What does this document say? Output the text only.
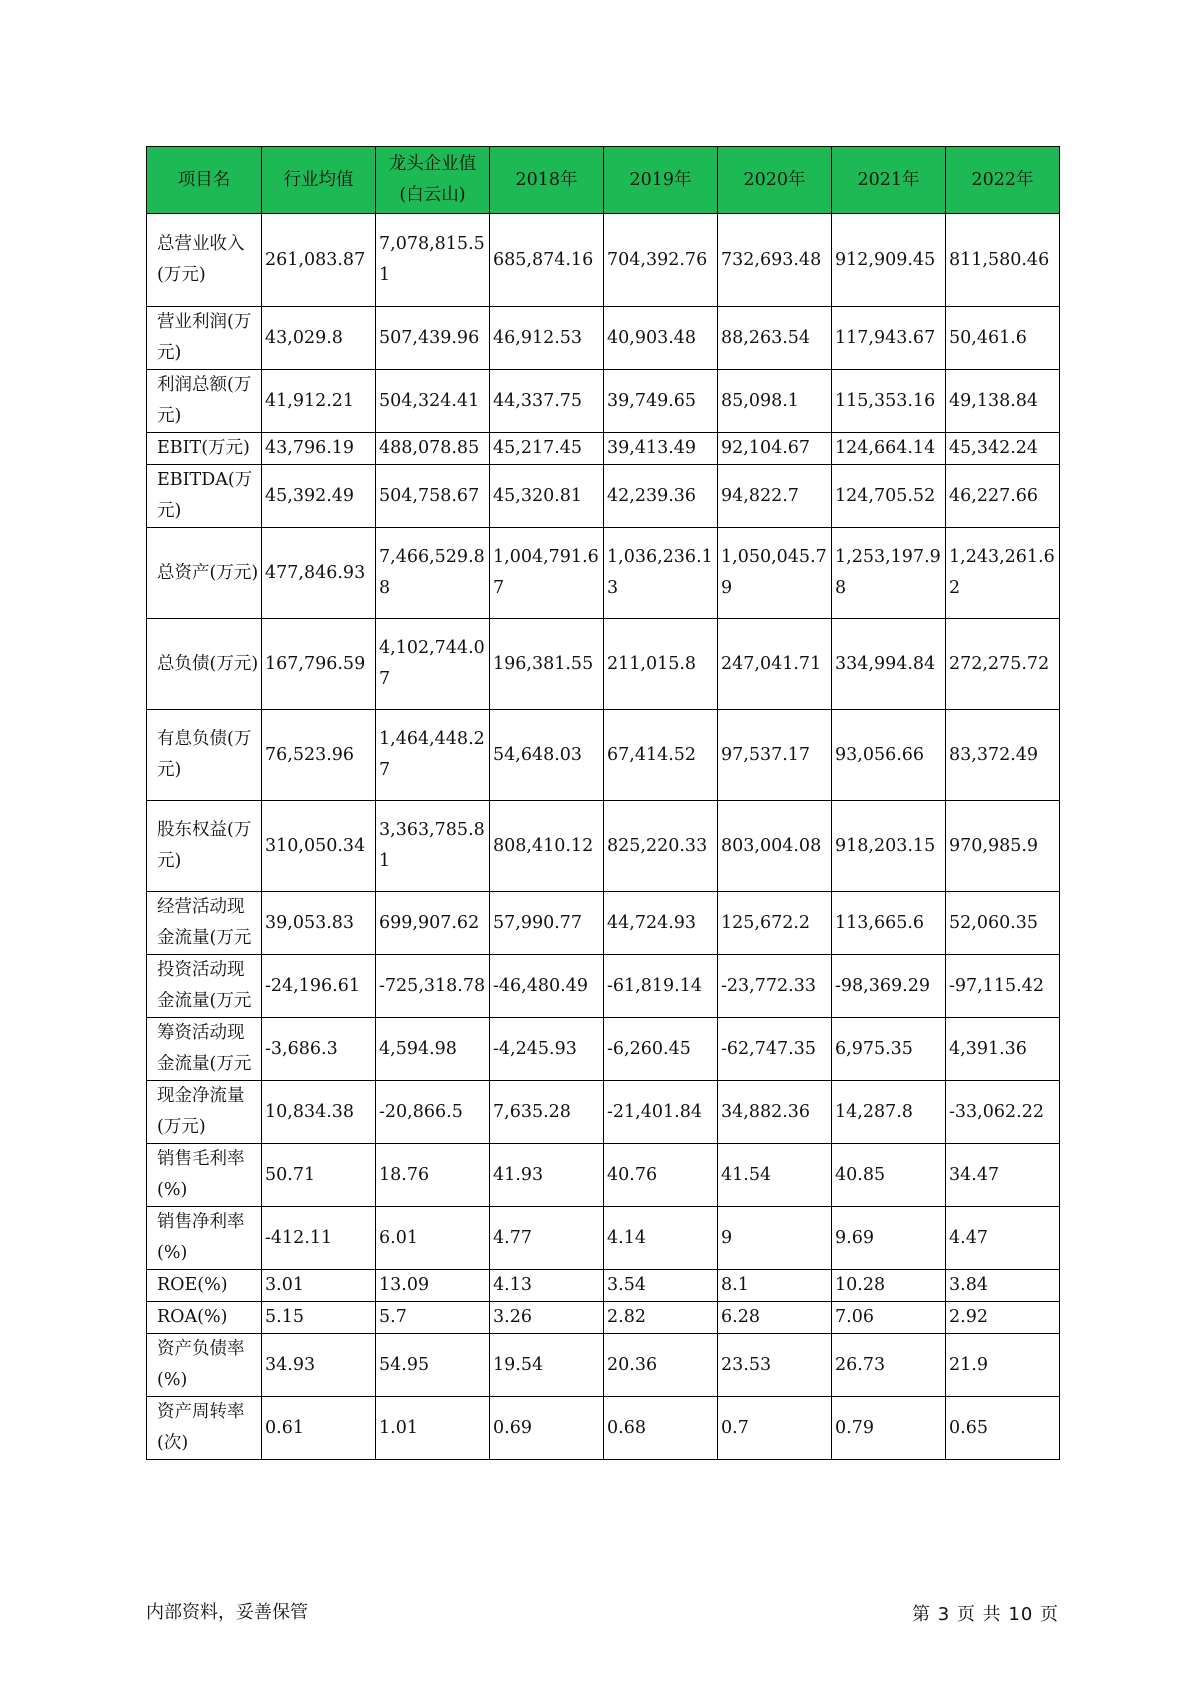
项目名	行业均值	龙头企业值(白云山)	2018年	2019年	2020年	2021年	2022年
总营业收入(万元)	261,083.87	7,078,815.51	685,874.16	704,392.76	732,693.48	912,909.45	811,580.46
营业利润(万元)	43,029.8	507,439.96	46,912.53	40,903.48	88,263.54	117,943.67	50,461.6
利润总额(万元)	41,912.21	504,324.41	44,337.75	39,749.65	85,098.1	115,353.16	49,138.84
EBIT(万元)	43,796.19	488,078.85	45,217.45	39,413.49	92,104.67	124,664.14	45,342.24
EBITDA(万元)	45,392.49	504,758.67	45,320.81	42,239.36	94,822.7	124,705.52	46,227.66
总资产(万元)	477,846.93	7,466,529.88	1,004,791.67	1,036,236.13	1,050,045.79	1,253,197.98	1,243,261.62
总负债(万元)	167,796.59	4,102,744.07	196,381.55	211,015.8	247,041.71	334,994.84	272,275.72
有息负债(万元)	76,523.96	1,464,448.27	54,648.03	67,414.52	97,537.17	93,056.66	83,372.49
股东权益(万元)	310,050.34	3,363,785.81	808,410.12	825,220.33	803,004.08	918,203.15	970,985.9
经营活动现金流量(万元	39,053.83	699,907.62	57,990.77	44,724.93	125,672.2	113,665.6	52,060.35
投资活动现金流量(万元	-24,196.61	-725,318.78	-46,480.49	-61,819.14	-23,772.33	-98,369.29	-97,115.42
筹资活动现金流量(万元	-3,686.3	4,594.98	-4,245.93	-6,260.45	-62,747.35	6,975.35	4,391.36
现金净流量(万元)	10,834.38	-20,866.5	7,635.28	-21,401.84	34,882.36	14,287.8	-33,062.22
销售毛利率(%)	50.71	18.76	41.93	40.76	41.54	40.85	34.47
销售净利率(%)	-412.11	6.01	4.77	4.14	9	9.69	4.47
ROE(%)	3.01	13.09	4.13	3.54	8.1	10.28	3.84
ROA(%)	5.15	5.7	3.26	2.82	6.28	7.06	2.92
资产负债率(%)	34.93	54.95	19.54	20.36	23.53	26.73	21.9
资产周转率(次)	0.61	1.01	0.69	0.68	0.7	0.79	0.65
内部资料，妥善保管	第 3 页 共 10 页
